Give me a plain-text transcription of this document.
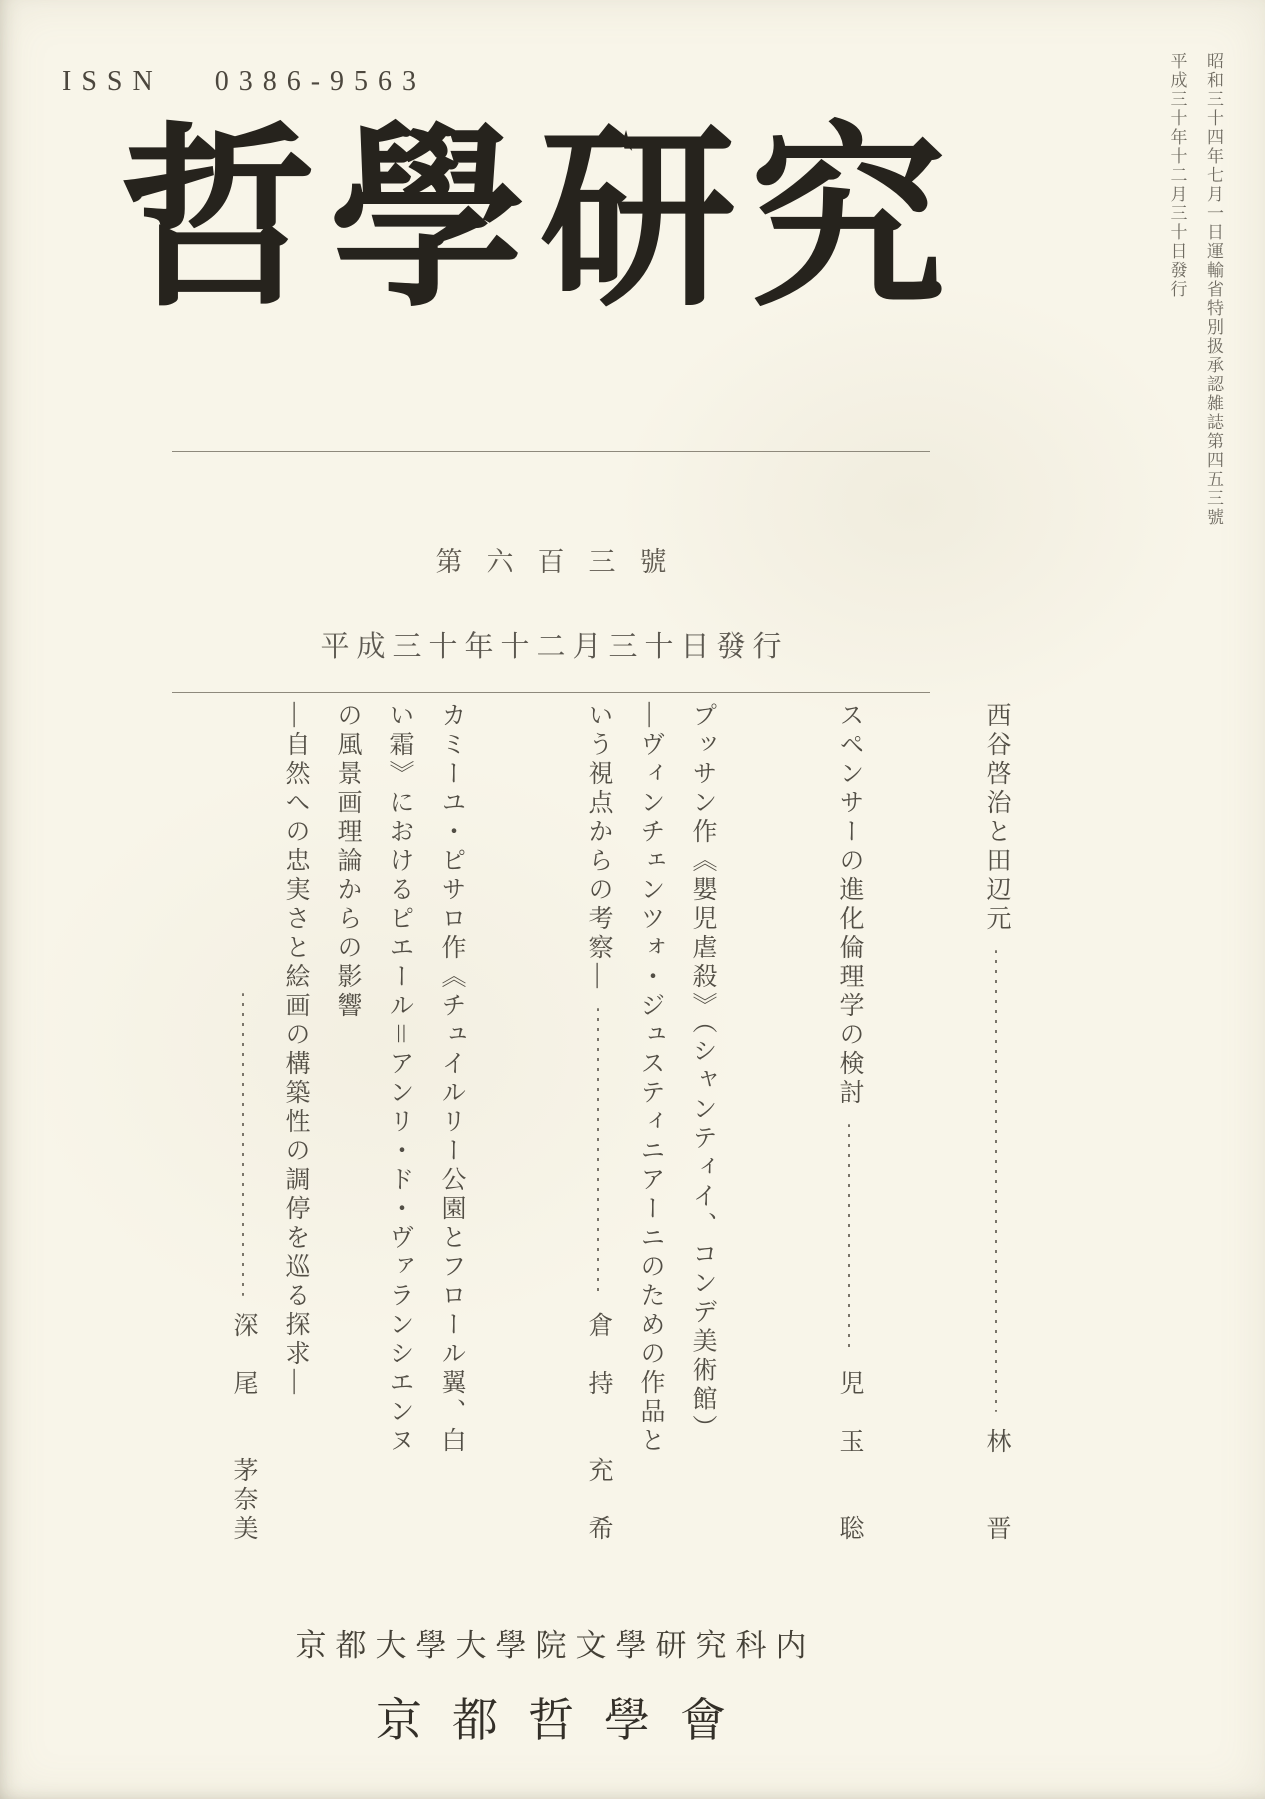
ISSN 0386-9563
哲學研究	昭和三十四年七月一日運輸省特別扱承認雑誌第四五三號
平成三十年十二月三十日發行
第六百三號
平成三十年十二月三十日發行
西谷啓治と田辺元
林　　晋
スペンサーの進化倫理学の検討
児　玉　　聡
プッサン作《嬰児虐殺》（シャンティイ、コンデ美術館）
―ヴィンチェンツォ・ジュスティニアーニのための作品と
いう視点からの考察―
倉　持　　充　希
カミーユ・ピサロ作《チュイルリー公園とフロール翼、白
い霜》におけるピエール＝アンリ・ド・ヴァランシエンヌ
の風景画理論からの影響
―自然への忠実さと絵画の構築性の調停を巡る探求―
深　尾　　茅奈美
京都大學大學院文學研究科内
京都哲學會
